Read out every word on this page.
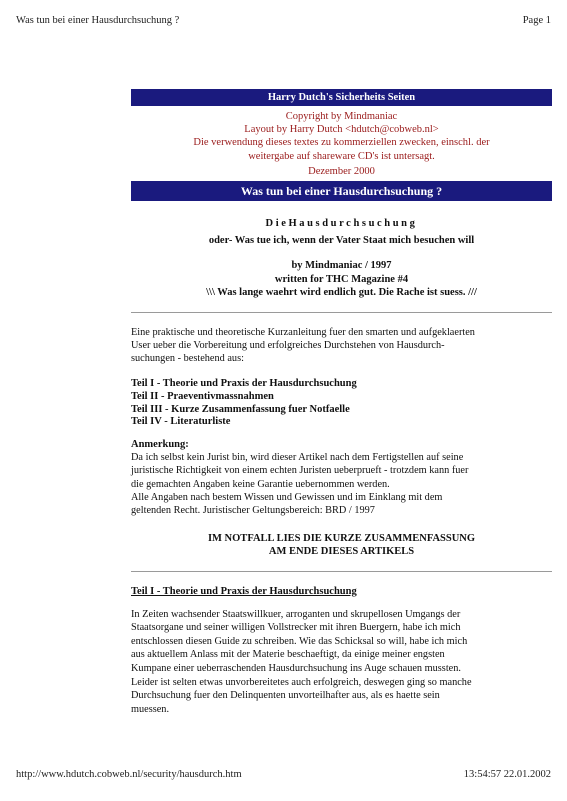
Was tun bei einer Hausdurchsuchung ?	Page 1
Harry Dutch's Sicherheits Seiten
Copyright by Mindmaniac
Layout by Harry Dutch <hdutch@cobweb.nl>
Die verwendung dieses textes zu kommerziellen zwecken, einschl. der
weitergabe auf shareware CD's ist untersagt.
Dezember 2000
Was tun bei einer Hausdurchsuchung ?
DieHausdurchsuchung
oder- Was tue ich, wenn der Vater Staat mich besuchen will
by Mindmaniac / 1997
written for THC Magazine #4
\\\ Was lange waehrt wird endlich gut. Die Rache ist suess. ///
Eine praktische und theoretische Kurzanleitung fuer den smarten und aufgeklaerten
User ueber die Vorbereitung und erfolgreiches Durchstehen von Hausdurch-
suchungen - bestehend aus:
Teil I - Theorie und Praxis der Hausdurchsuchung
Teil II - Praeventivmassnahmen
Teil III - Kurze Zusammenfassung fuer Notfaelle
Teil IV - Literaturliste
Anmerkung:
Da ich selbst kein Jurist bin, wird dieser Artikel nach dem Fertigstellen auf seine
juristische Richtigkeit von einem echten Juristen ueberprueft - trotzdem kann fuer
die gemachten Angaben keine Garantie uebernommen werden.
Alle Angaben nach bestem Wissen und Gewissen und im Einklang mit dem
geltenden Recht. Juristischer Geltungsbereich: BRD / 1997
IM NOTFALL LIES DIE KURZE ZUSAMMENFASSUNG
AM ENDE DIESES ARTIKELS
Teil I - Theorie und Praxis der Hausdurchsuchung
In Zeiten wachsender Staatswillkuer, arroganten und skrupellosen Umgangs der
Staatsorgane und seiner willigen Vollstrecker mit ihren Buergern, habe ich mich
entschlossen diesen Guide zu schreiben. Wie das Schicksal so will, habe ich mich
aus aktuellem Anlass mit der Materie beschaeftigt, da einige meiner engsten
Kumpane einer ueberraschenden Hausdurchsuchung ins Auge schauen mussten.
Leider ist selten etwas unvorbereitetes auch erfolgreich, deswegen ging so manche
Durchsuchung fuer den Delinquenten unvorteilhafter aus, als es haette sein
muessen.
http://www.hdutch.cobweb.nl/security/hausdurch.htm	13:54:57 22.01.2002
